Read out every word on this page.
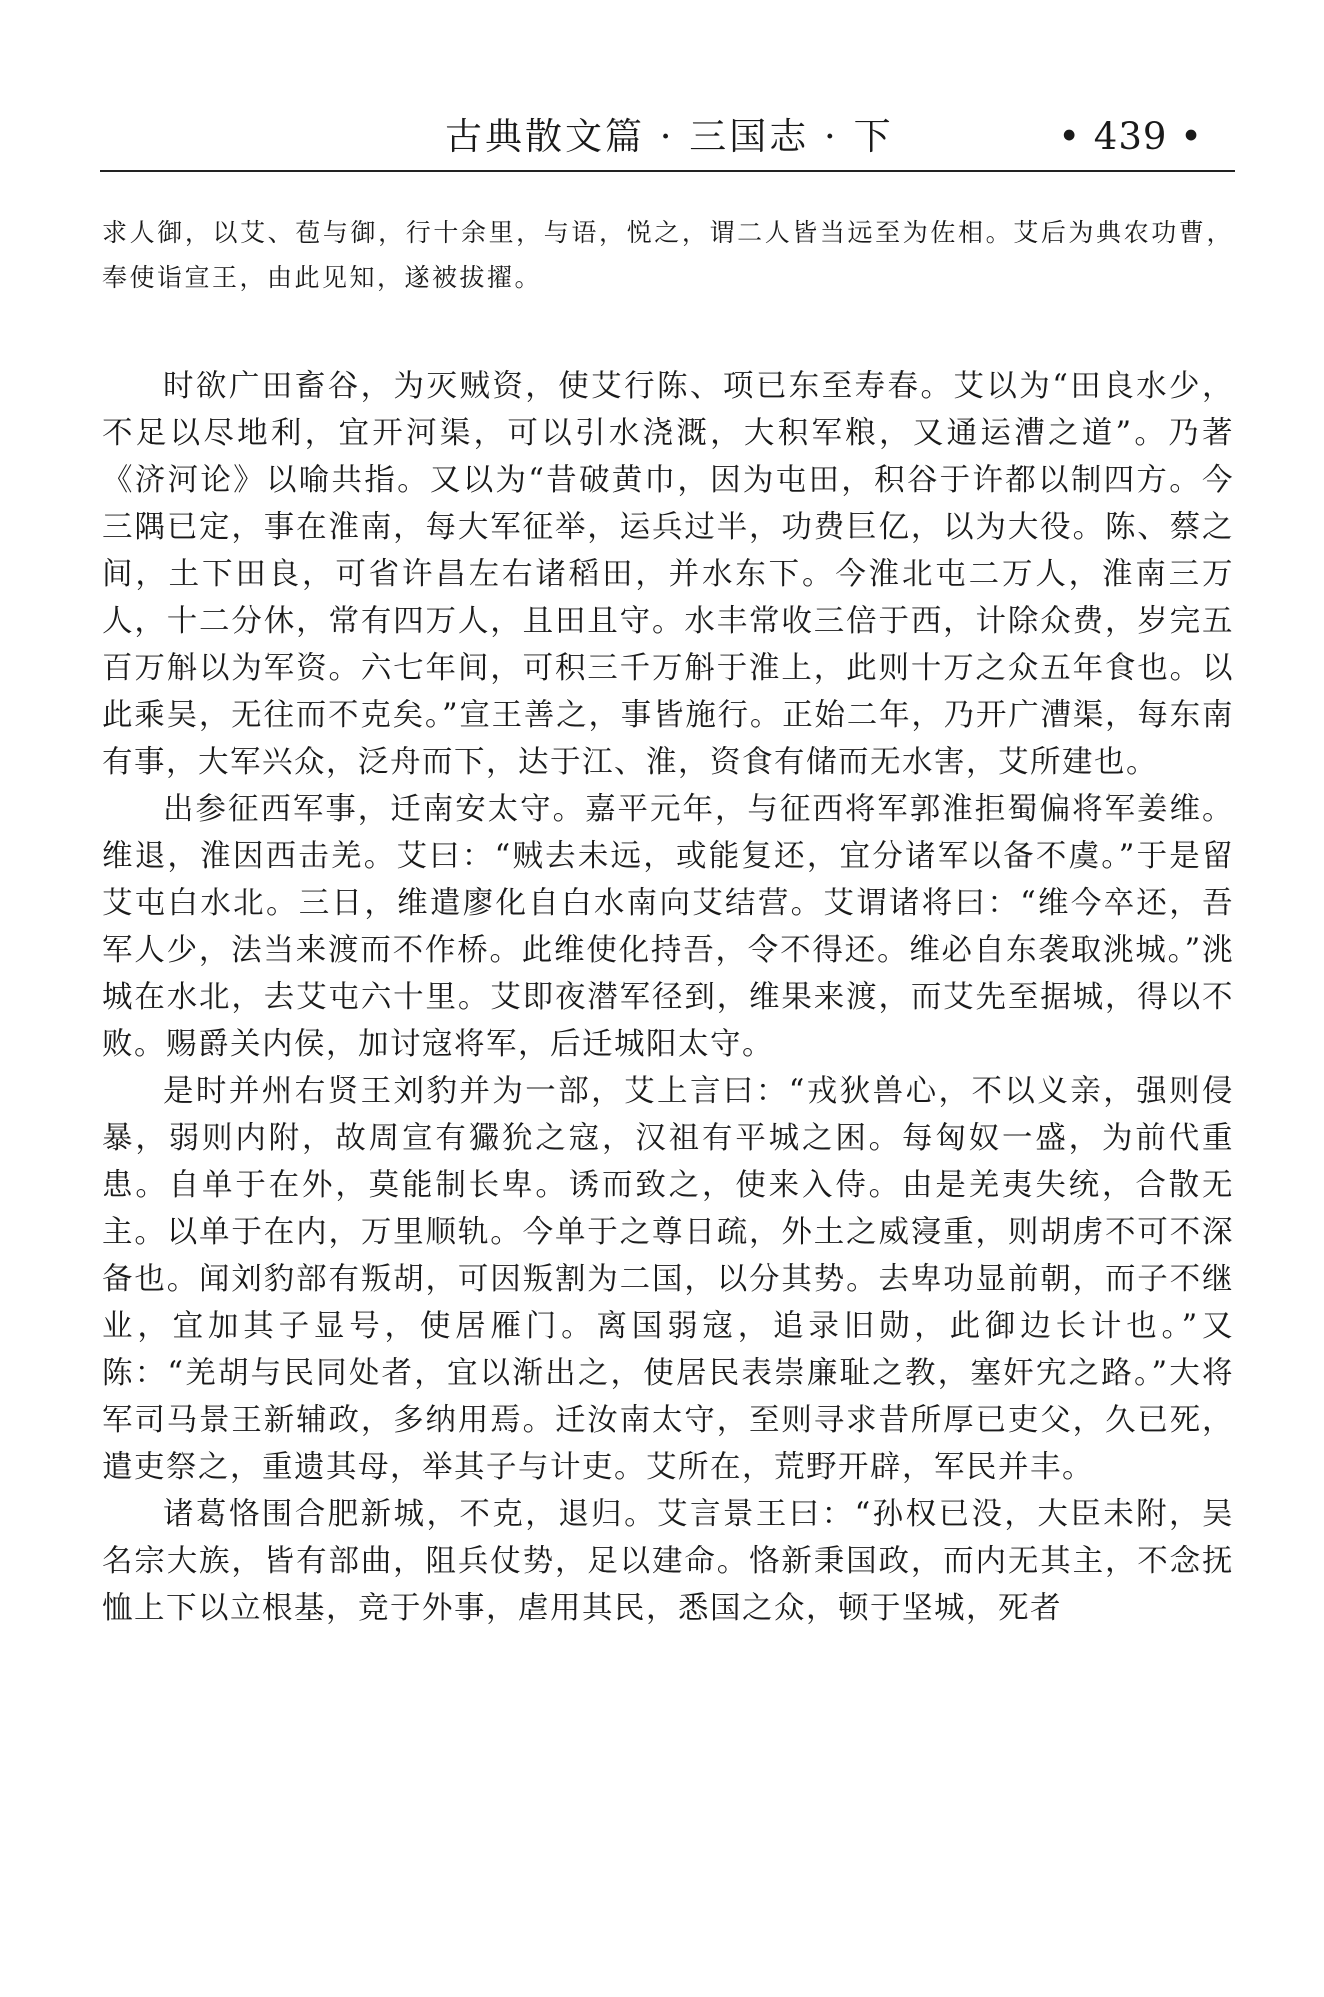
古典散文篇 · 三国志 · 下	• 439 •
求人御，以艾、苞与御，行十余里，与语，悦之，谓二人皆当远至为佐相。艾后为典农功曹，奉使诣宣王，由此见知，遂被拔擢。

时欲广田畜谷，为灭贼资，使艾行陈、项已东至寿春。艾以为“田良水少，不足以尽地利，宜开河渠，可以引水浇溉，大积军粮，又通运漕之道”。乃著《济河论》以喻共指。又以为“昔破黄巾，因为屯田，积谷于许都以制四方。今三隅已定，事在淮南，每大军征举，运兵过半，功费巨亿，以为大役。陈、蔡之间，土下田良，可省许昌左右诸稻田，并水东下。今淮北屯二万人，淮南三万人，十二分休，常有四万人，且田且守。水丰常收三倍于西，计除众费，岁完五百万斛以为军资。六七年间，可积三千万斛于淮上，此则十万之众五年食也。以此乘吴，无往而不克矣。”宣王善之，事皆施行。正始二年，乃开广漕渠，每东南有事，大军兴众，泛舟而下，达于江、淮，资食有储而无水害，艾所建也。

出参征西军事，迁南安太守。嘉平元年，与征西将军郭淮拒蜀偏将军姜维。维退，淮因西击羌。艾曰：“贼去未远，或能复还，宜分诸军以备不虞。”于是留艾屯白水北。三日，维遣廖化自白水南向艾结营。艾谓诸将曰：“维今卒还，吾军人少，法当来渡而不作桥。此维使化持吾，令不得还。维必自东袭取洮城。”洮城在水北，去艾屯六十里。艾即夜潜军径到，维果来渡，而艾先至据城，得以不败。赐爵关内侯，加讨寇将军，后迁城阳太守。

是时并州右贤王刘豹并为一部，艾上言曰：“戎狄兽心，不以义亲，强则侵暴，弱则内附，故周宣有玁狁之寇，汉祖有平城之困。每匈奴一盛，为前代重患。自单于在外，莫能制长卑。诱而致之，使来入侍。由是羌夷失统，合散无主。以单于在内，万里顺轨。今单于之尊日疏，外土之威寖重，则胡虏不可不深备也。闻刘豹部有叛胡，可因叛割为二国，以分其势。去卑功显前朝，而子不继业，宜加其子显号，使居雁门。离国弱寇，追录旧勋，此御边长计也。”又陈：“羌胡与民同处者，宜以渐出之，使居民表崇廉耻之教，塞奸宄之路。”大将军司马景王新辅政，多纳用焉。迁汝南太守，至则寻求昔所厚已吏父，久已死，遣吏祭之，重遗其母，举其子与计吏。艾所在，荒野开辟，军民并丰。

诸葛恪围合肥新城，不克，退归。艾言景王曰：“孙权已没，大臣未附，吴名宗大族，皆有部曲，阻兵仗势，足以建命。恪新秉国政，而内无其主，不念抚恤上下以立根基，竞于外事，虐用其民，悉国之众，顿于坚城，死者
